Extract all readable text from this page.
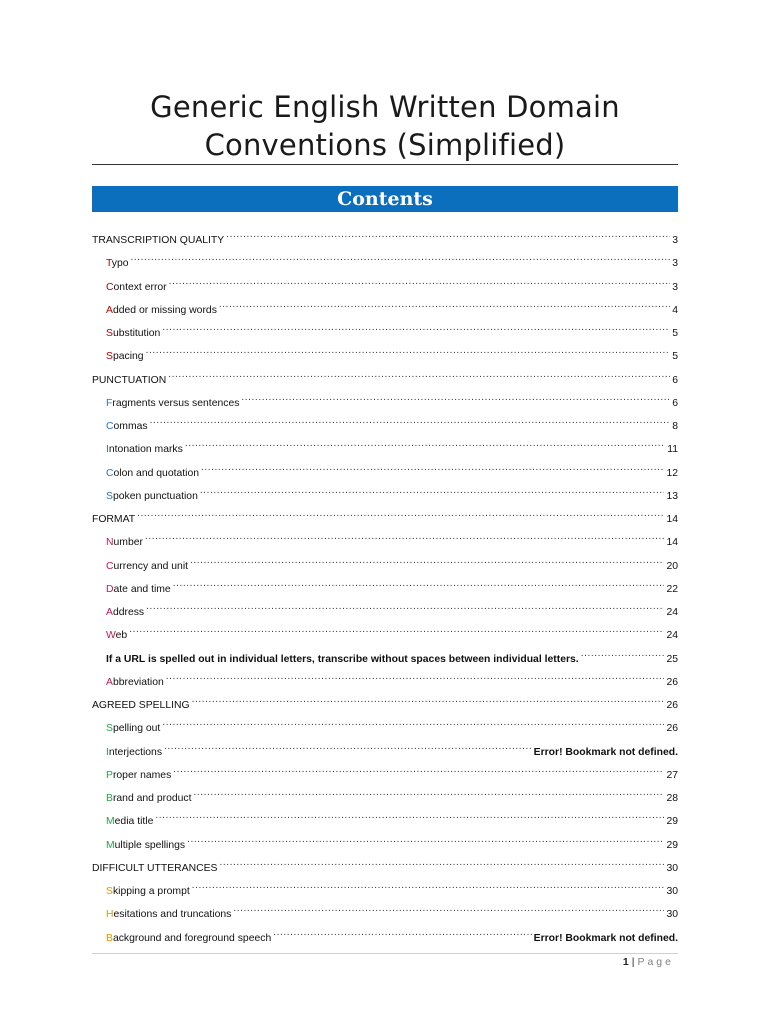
Generic English Written Domain
Conventions (Simplified)
Contents
TRANSCRIPTION QUALITY .....	3
Typo .....	3
Context error .....	3
Added or missing words .....	4
Substitution .....	5
Spacing .....	5
PUNCTUATION .....	6
Fragments versus sentences .....	6
Commas .....	8
Intonation marks .....	11
Colon and quotation .....	12
Spoken punctuation .....	13
FORMAT .....	14
Number .....	14
Currency and unit .....	20
Date and time .....	22
Address .....	24
Web .....	24
If a URL is spelled out in individual letters, transcribe without spaces between individual letters. .....	25
Abbreviation .....	26
AGREED SPELLING .....	26
Spelling out .....	26
Interjections .....	Error! Bookmark not defined.
Proper names .....	27
Brand and product .....	28
Media title .....	29
Multiple spellings .....	29
DIFFICULT UTTERANCES .....	30
Skipping a prompt .....	30
Hesitations and truncations .....	30
Background and foreground speech .....	Error! Bookmark not defined.
1 | Page
